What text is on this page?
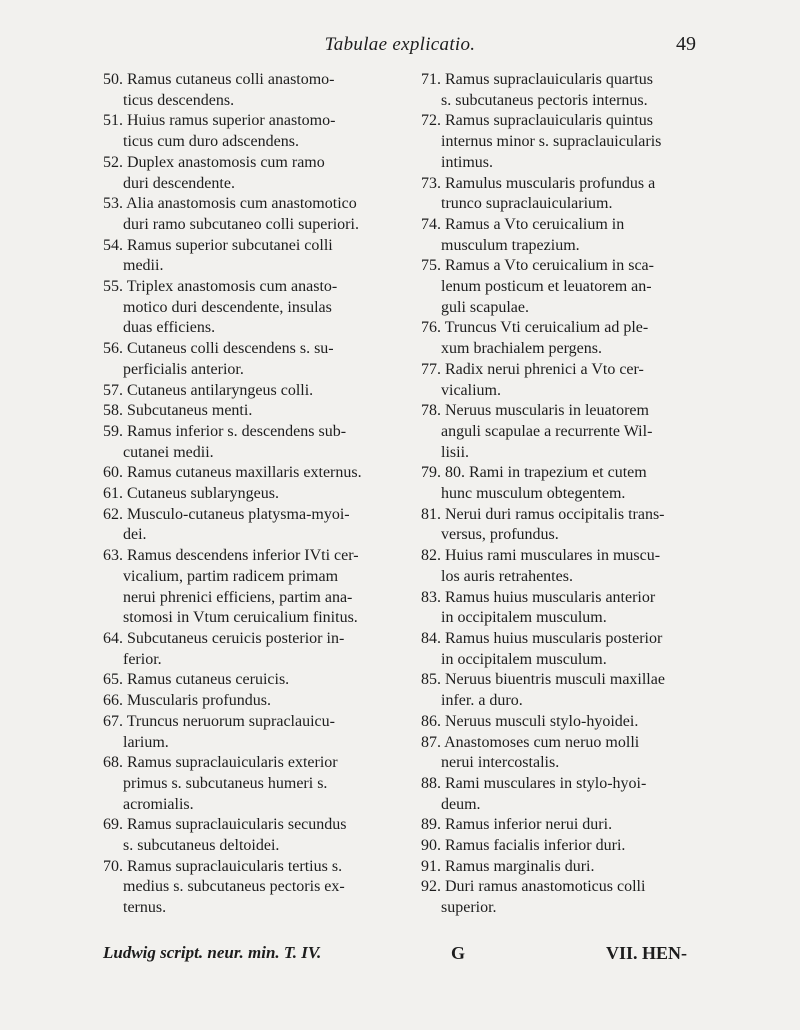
Tabulae explicatio.	49

50. Ramus cutaneus colli anastomo-

ticus descendens.

51. Huius ramus superior anastomo-

ticus cum duro adscendens.

52. Duplex anastomosis cum ramo

duri descendente.

53. Alia anastomosis cum anastomotico

duri ramo subcutaneo colli superiori.

54. Ramus superior subcutanei colli

medii.

55. Triplex anastomosis cum anasto-

motico duri descendente, insulas

duas efficiens.

56. Cutaneus colli descendens s. su-

perficialis anterior.

57. Cutaneus antilaryngeus colli.

58. Subcutaneus menti.

59. Ramus inferior s. descendens sub-

cutanei medii.

60. Ramus cutaneus maxillaris externus.

61. Cutaneus sublaryngeus.

62. Musculo-cutaneus platysma-myoi-

dei.

63. Ramus descendens inferior IVti cer-

vicalium, partim radicem primam

nerui phrenici efficiens, partim ana-

stomosi in Vtum ceruicalium finitus.

64. Subcutaneus ceruicis posterior in-

ferior.

65. Ramus cutaneus ceruicis.

66. Muscularis profundus.

67. Truncus neruorum supraclauicu-

larium.

68. Ramus supraclauicularis exterior

primus s. subcutaneus humeri s.

acromialis.

69. Ramus supraclauicularis secundus

s. subcutaneus deltoidei.

70. Ramus supraclauicularis tertius s.

medius s. subcutaneus pectoris ex-

ternus.

71. Ramus supraclauicularis quartus

s. subcutaneus pectoris internus.

72. Ramus supraclauicularis quintus

internus minor s. supraclauicularis

intimus.

73. Ramulus muscularis profundus a

trunco supraclauicularium.

74. Ramus a Vto ceruicalium in

musculum trapezium.

75. Ramus a Vto ceruicalium in sca-

lenum posticum et leuatorem an-

guli scapulae.

76. Truncus Vti ceruicalium ad ple-

xum brachialem pergens.

77. Radix nerui phrenici a Vto cer-

vicalium.

78. Neruus muscularis in leuatorem

anguli scapulae a recurrente Wil-

lisii.

79. 80. Rami in trapezium et cutem

hunc musculum obtegentem.

81. Nerui duri ramus occipitalis trans-

versus, profundus.

82. Huius rami musculares in muscu-

los auris retrahentes.

83. Ramus huius muscularis anterior

in occipitalem musculum.

84. Ramus huius muscularis posterior

in occipitalem musculum.

85. Neruus biuentris musculi maxillae

infer. a duro.

86. Neruus musculi stylo-hyoidei.

87. Anastomoses cum neruo molli

nerui intercostalis.

88. Rami musculares in stylo-hyoi-

deum.

89. Ramus inferior nerui duri.

90. Ramus facialis inferior duri.

91. Ramus marginalis duri.

92. Duri ramus anastomoticus colli

superior.

Ludwig script. neur. min. T. IV.	G	VII. HEN-
